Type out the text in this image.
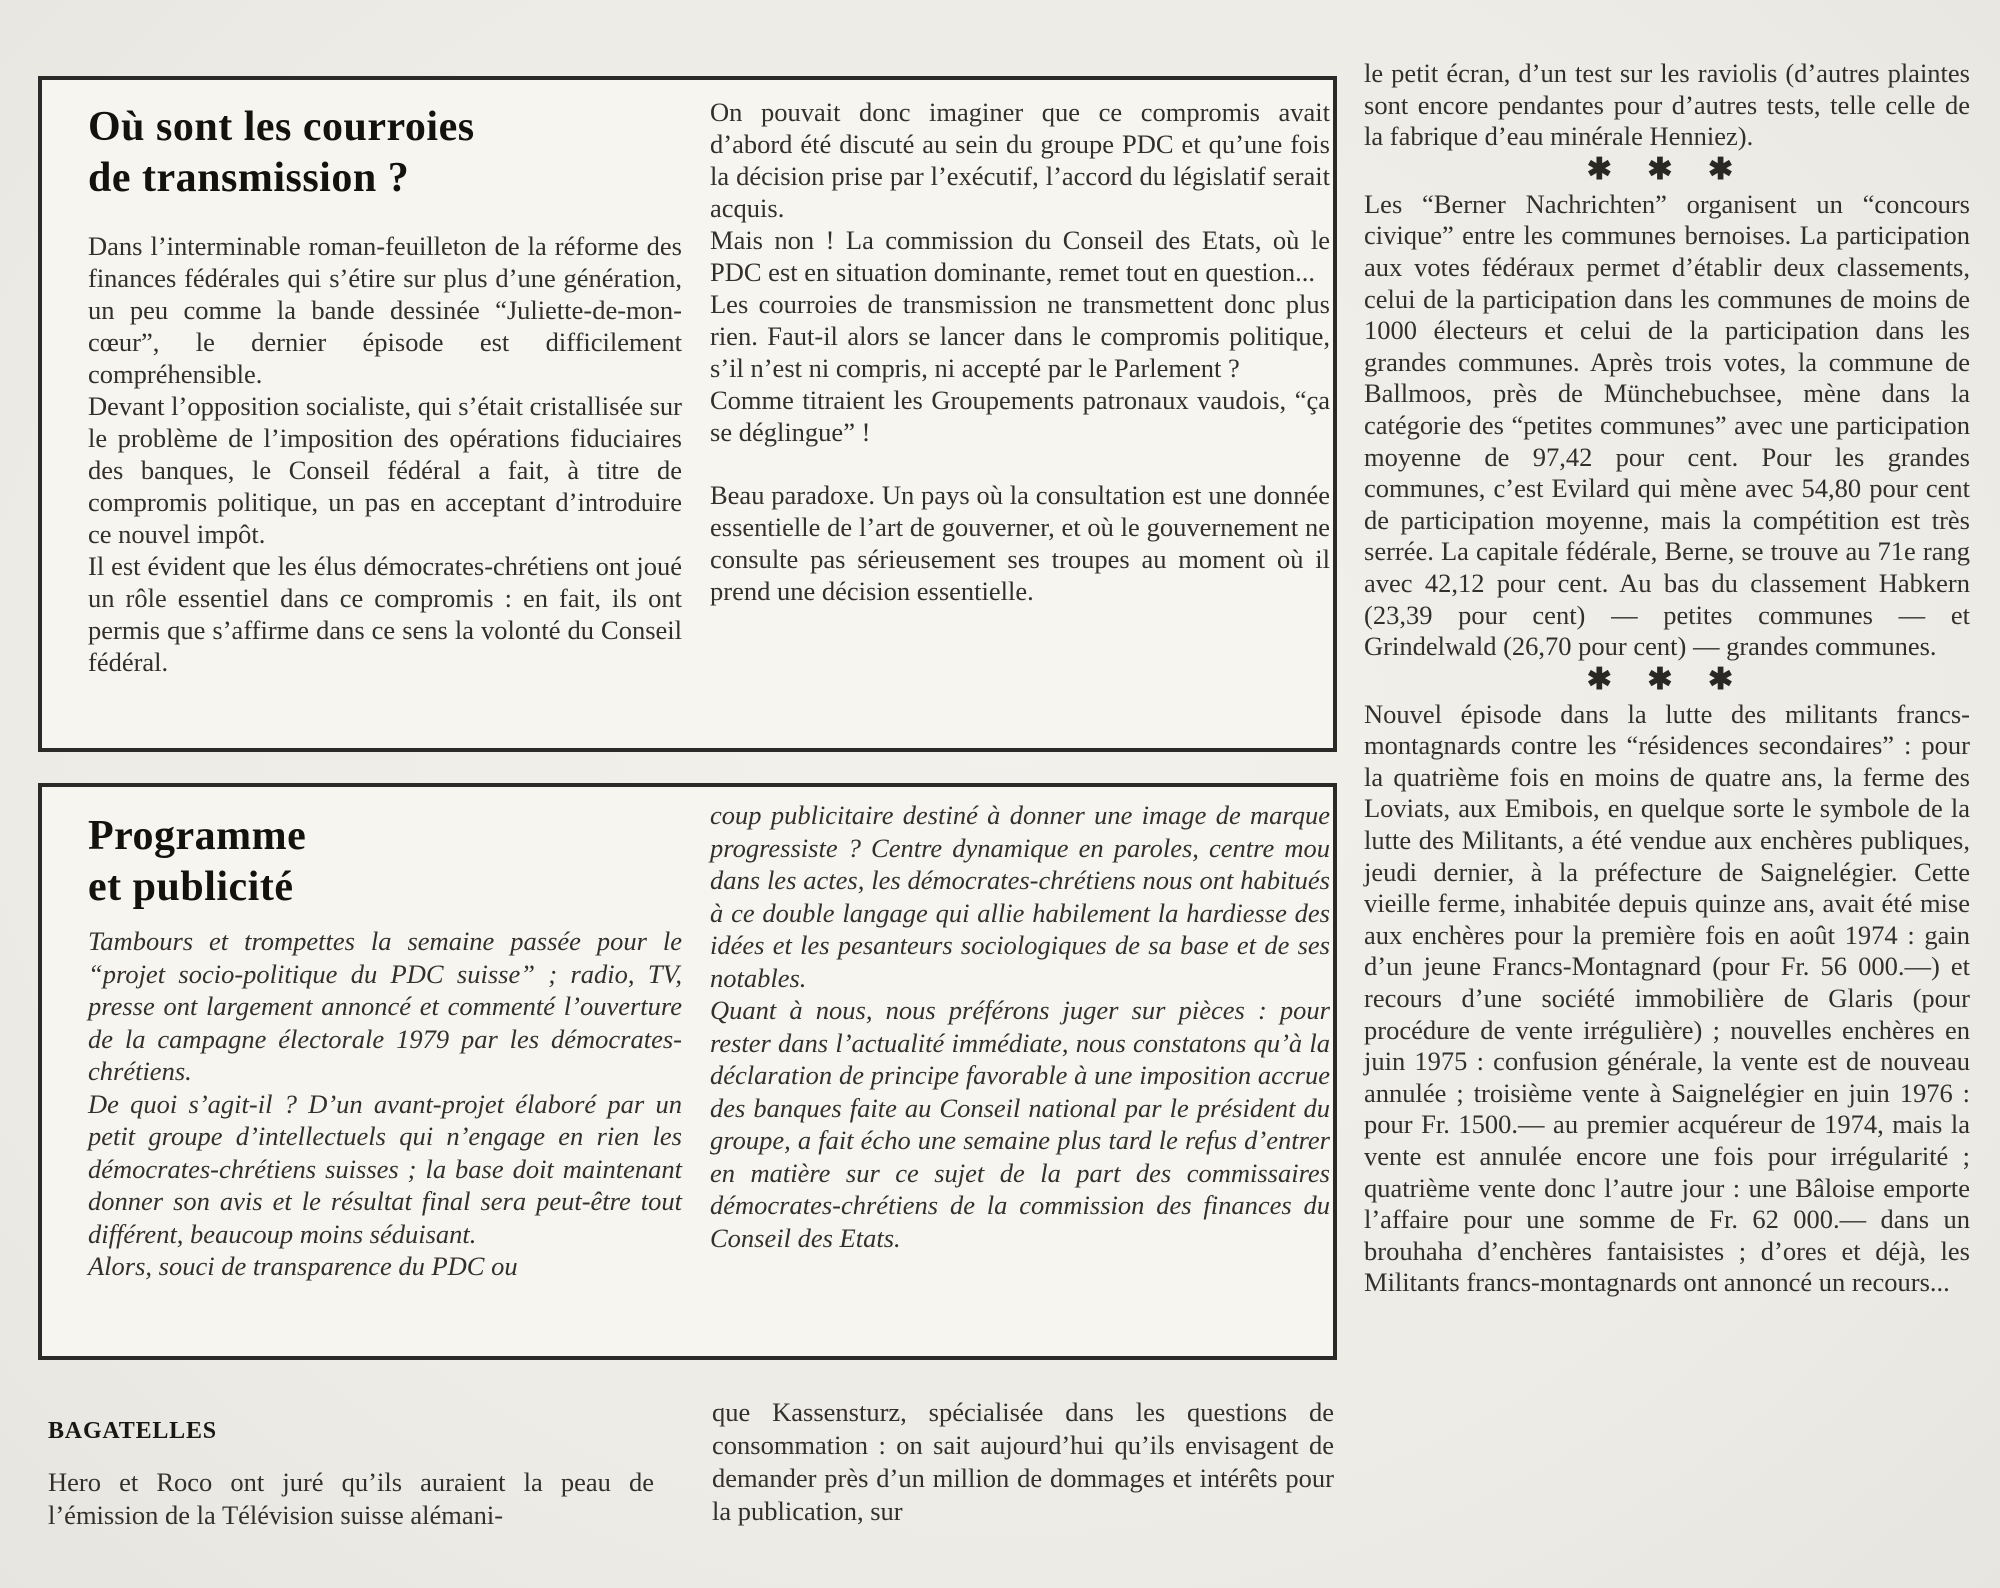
Où sont les courroies
de transmission ?

Dans l’interminable roman-feuilleton de la réforme des finances fédérales qui s’étire sur plus d’une génération, un peu comme la bande dessinée “Juliette-de-mon-cœur”, le dernier épisode est difficilement compréhensible.

Devant l’opposition socialiste, qui s’était cristallisée sur le problème de l’imposition des opérations fiduciaires des banques, le Conseil fédéral a fait, à titre de compromis politique, un pas en acceptant d’introduire ce nouvel impôt.

Il est évident que les élus démocrates-chrétiens ont joué un rôle essentiel dans ce compromis : en fait, ils ont permis que s’affirme dans ce sens la volonté du Conseil fédéral.

On pouvait donc imaginer que ce compromis avait d’abord été discuté au sein du groupe PDC et qu’une fois la décision prise par l’exécutif, l’accord du législatif serait acquis.

Mais non ! La commission du Conseil des Etats, où le PDC est en situation dominante, remet tout en question...

Les courroies de transmission ne transmettent donc plus rien. Faut-il alors se lancer dans le compromis politique, s’il n’est ni compris, ni accepté par le Parlement ?

Comme titraient les Groupements patronaux vaudois, “ça se déglingue” !

Beau paradoxe. Un pays où la consultation est une donnée essentielle de l’art de gouverner, et où le gouvernement ne consulte pas sérieusement ses troupes au moment où il prend une décision essentielle.

Programme
et publicité

Tambours et trompettes la semaine passée pour le “projet socio-politique du PDC suisse” ; radio, TV, presse ont largement annoncé et commenté l’ouverture de la campagne électorale 1979 par les démocrates-chrétiens.

De quoi s’agit-il ? D’un avant-projet élaboré par un petit groupe d’intellectuels qui n’engage en rien les démocrates-chrétiens suisses ; la base doit maintenant donner son avis et le résultat final sera peut-être tout différent, beaucoup moins séduisant.

Alors, souci de transparence du PDC ou

coup publicitaire destiné à donner une image de marque progressiste ? Centre dynamique en paroles, centre mou dans les actes, les démocrates-chrétiens nous ont habitués à ce double langage qui allie habilement la hardiesse des idées et les pesanteurs sociologiques de sa base et de ses notables.

Quant à nous, nous préférons juger sur pièces : pour rester dans l’actualité immédiate, nous constatons qu’à la déclaration de principe favorable à une imposition accrue des banques faite au Conseil national par le président du groupe, a fait écho une semaine plus tard le refus d’entrer en matière sur ce sujet de la part des commissaires démocrates-chrétiens de la commission des finances du Conseil des Etats.

BAGATELLES

Hero et Roco ont juré qu’ils auraient la peau de l’émission de la Télévision suisse alémani-

que Kassensturz, spécialisée dans les questions de consommation : on sait aujourd’hui qu’ils envisagent de demander près d’un million de dommages et intérêts pour la publication, sur

le petit écran, d’un test sur les raviolis (d’autres plaintes sont encore pendantes pour d’autres tests, telle celle de la fabrique d’eau minérale Henniez).

✱ ✱ ✱

Les “Berner Nachrichten” organisent un “concours civique” entre les communes bernoises. La participation aux votes fédéraux permet d’établir deux classements, celui de la participation dans les communes de moins de 1000 électeurs et celui de la participation dans les grandes communes. Après trois votes, la commune de Ballmoos, près de Münchebuchsee, mène dans la catégorie des “petites communes” avec une participation moyenne de 97,42 pour cent. Pour les grandes communes, c’est Evilard qui mène avec 54,80 pour cent de participation moyenne, mais la compétition est très serrée. La capitale fédérale, Berne, se trouve au 71e rang avec 42,12 pour cent. Au bas du classement Habkern (23,39 pour cent) — petites communes — et Grindelwald (26,70 pour cent) — grandes communes.

✱ ✱ ✱

Nouvel épisode dans la lutte des militants francs-montagnards contre les “résidences secondaires” : pour la quatrième fois en moins de quatre ans, la ferme des Loviats, aux Emibois, en quelque sorte le symbole de la lutte des Militants, a été vendue aux enchères publiques, jeudi dernier, à la préfecture de Saignelégier. Cette vieille ferme, inhabitée depuis quinze ans, avait été mise aux enchères pour la première fois en août 1974 : gain d’un jeune Francs-Montagnard (pour Fr. 56 000.—) et recours d’une société immobilière de Glaris (pour procédure de vente irrégulière) ; nouvelles enchères en juin 1975 : confusion générale, la vente est de nouveau annulée ; troisième vente à Saignelégier en juin 1976 : pour Fr. 1500.— au premier acquéreur de 1974, mais la vente est annulée encore une fois pour irrégularité ; quatrième vente donc l’autre jour : une Bâloise emporte l’affaire pour une somme de Fr. 62 000.— dans un brouhaha d’enchères fantaisistes ; d’ores et déjà, les Militants francs-montagnards ont annoncé un recours...
